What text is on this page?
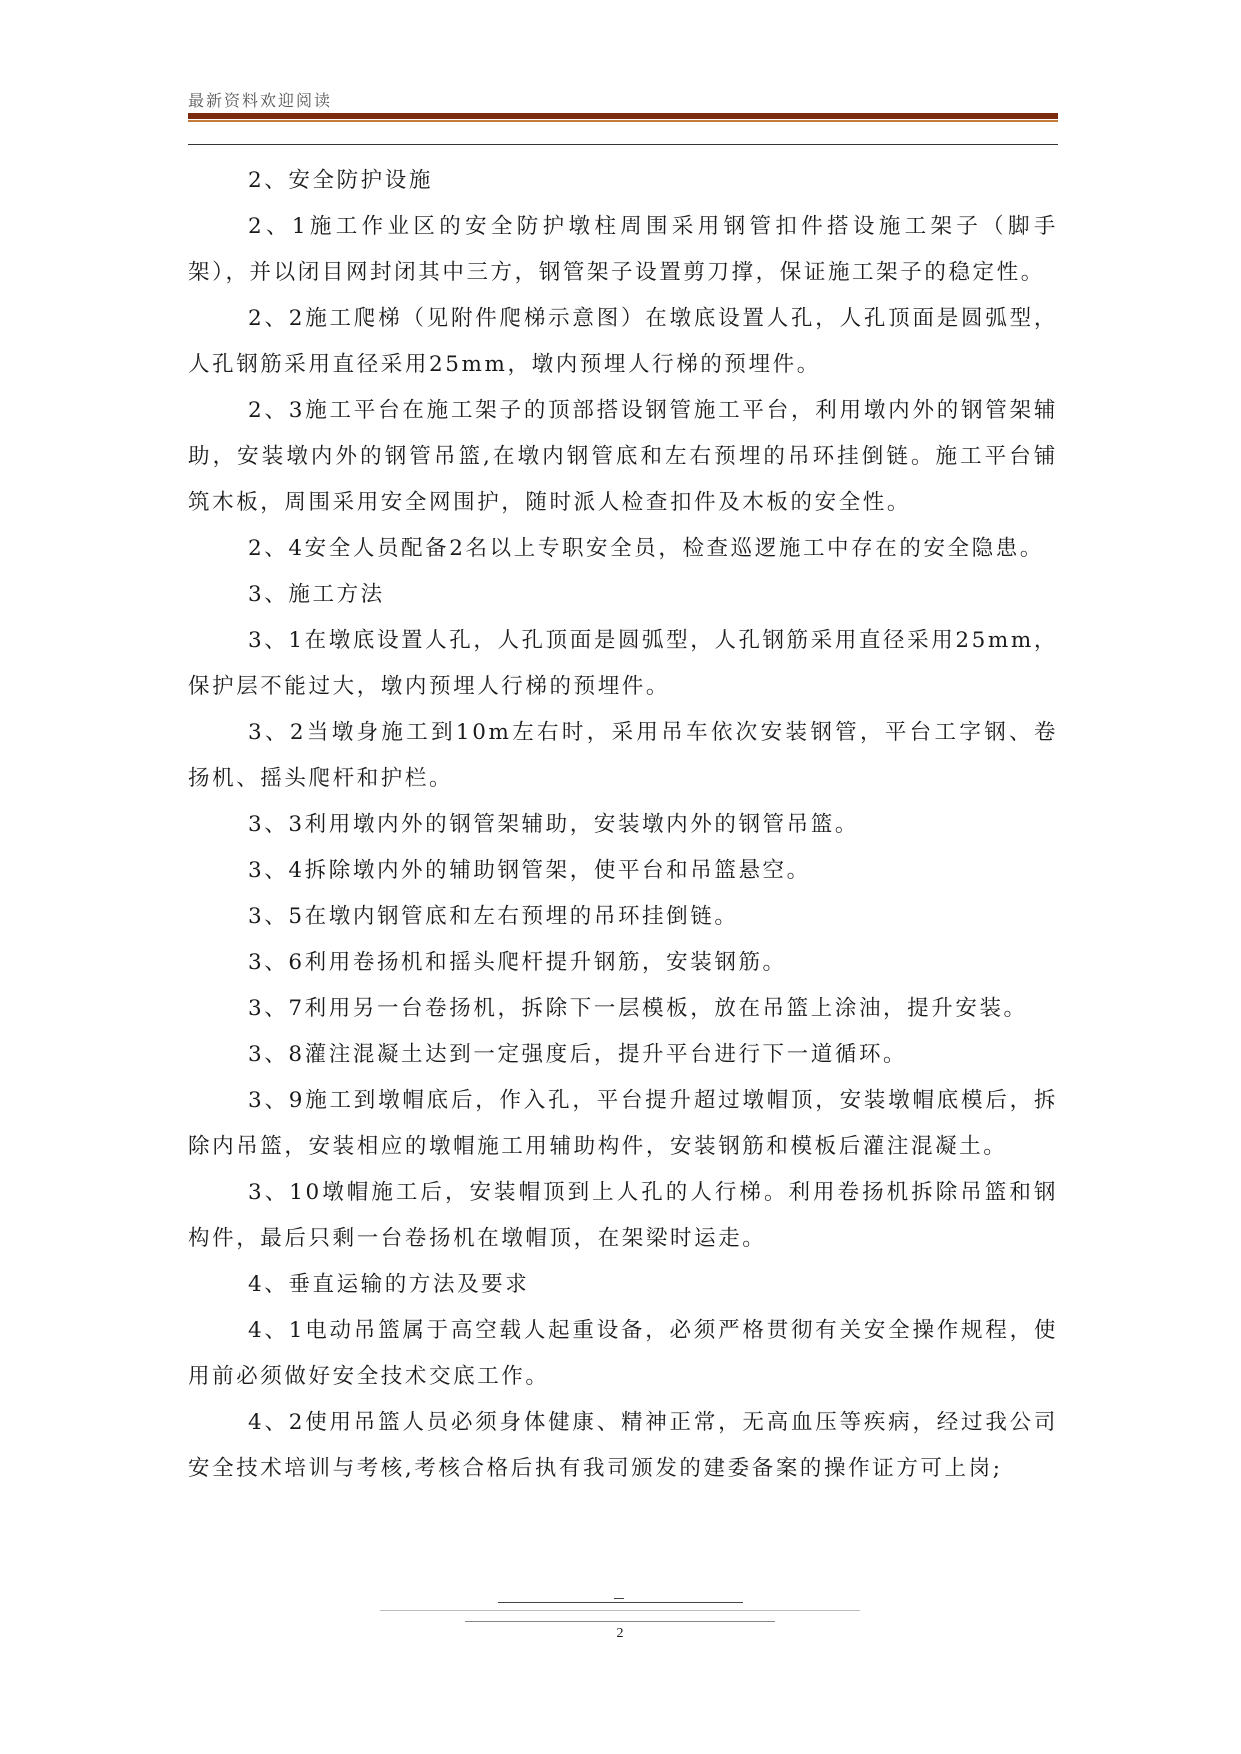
最新资料欢迎阅读

2、安全防护设施

2、1施工作业区的安全防护墩柱周围采用钢管扣件搭设施工架子（脚手架），并以闭目网封闭其中三方，钢管架子设置剪刀撑，保证施工架子的稳定性。

2、2施工爬梯（见附件爬梯示意图）在墩底设置人孔，人孔顶面是圆弧型，人孔钢筋采用直径采用25mm，墩内预埋人行梯的预埋件。

2、3施工平台在施工架子的顶部搭设钢管施工平台，利用墩内外的钢管架辅助，安装墩内外的钢管吊篮,在墩内钢管底和左右预埋的吊环挂倒链。施工平台铺筑木板，周围采用安全网围护，随时派人检查扣件及木板的安全性。

2、4安全人员配备2名以上专职安全员，检查巡逻施工中存在的安全隐患。

3、施工方法

3、1在墩底设置人孔，人孔顶面是圆弧型，人孔钢筋采用直径采用25mm，保护层不能过大，墩内预埋人行梯的预埋件。

3、2当墩身施工到10m左右时，采用吊车依次安装钢管，平台工字钢、卷扬机、摇头爬杆和护栏。

3、3利用墩内外的钢管架辅助，安装墩内外的钢管吊篮。

3、4拆除墩内外的辅助钢管架，使平台和吊篮悬空。

3、5在墩内钢管底和左右预埋的吊环挂倒链。

3、6利用卷扬机和摇头爬杆提升钢筋，安装钢筋。

3、7利用另一台卷扬机，拆除下一层模板，放在吊篮上涂油，提升安装。

3、8灌注混凝土达到一定强度后，提升平台进行下一道循环。

3、9施工到墩帽底后，作入孔，平台提升超过墩帽顶，安装墩帽底模后，拆除内吊篮，安装相应的墩帽施工用辅助构件，安装钢筋和模板后灌注混凝土。

3、10墩帽施工后，安装帽顶到上人孔的人行梯。利用卷扬机拆除吊篮和钢构件，最后只剩一台卷扬机在墩帽顶，在架梁时运走。

4、垂直运输的方法及要求

4、1电动吊篮属于高空载人起重设备，必须严格贯彻有关安全操作规程，使用前必须做好安全技术交底工作。

4、2使用吊篮人员必须身体健康、精神正常，无高血压等疾病，经过我公司安全技术培训与考核,考核合格后执有我司颁发的建委备案的操作证方可上岗;

2
